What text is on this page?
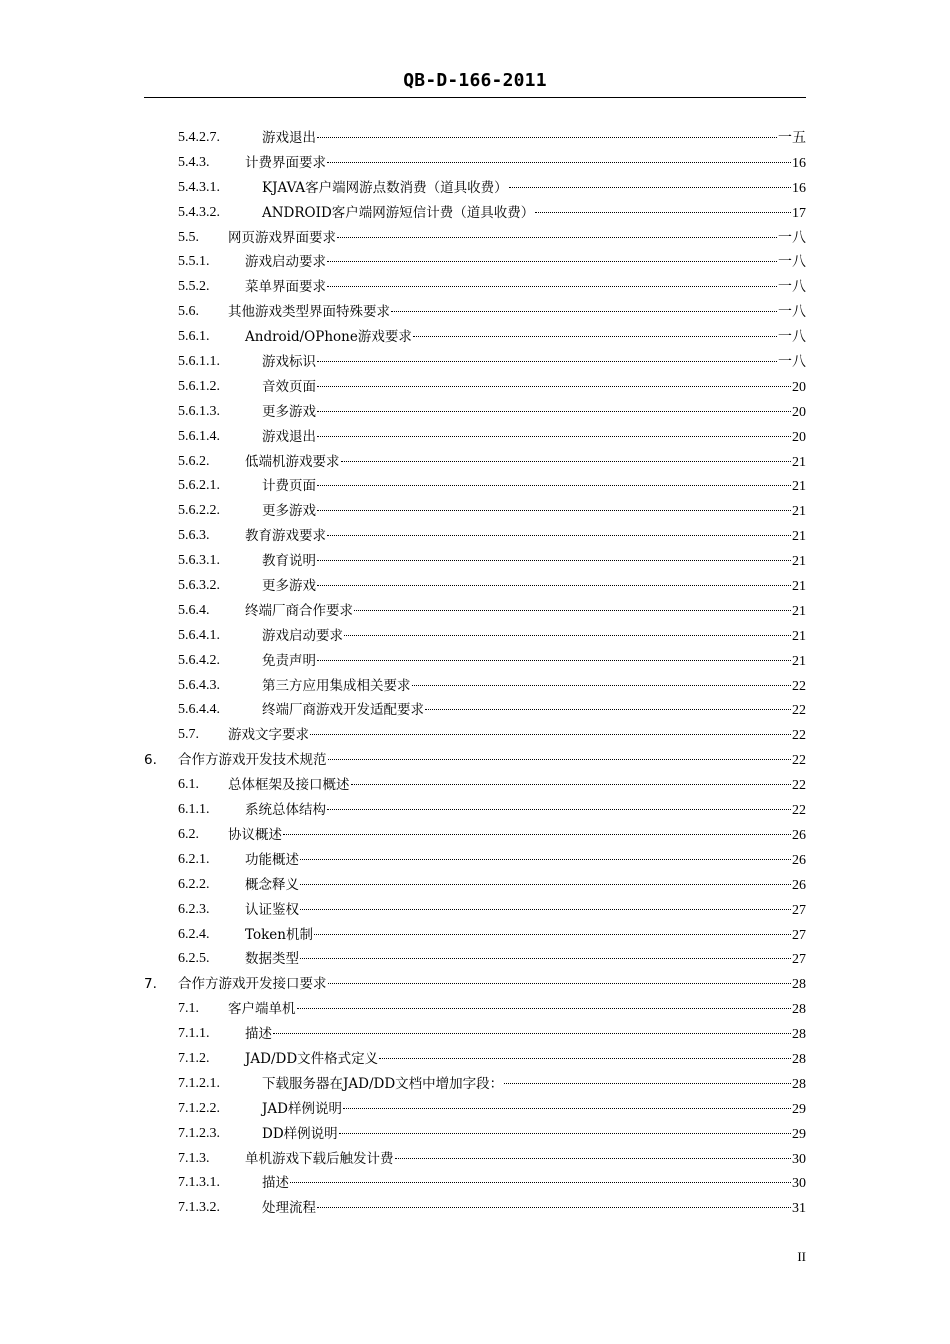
QB-D-166-2011
5.4.2.7.	游戏退出	一五
5.4.3.	计费界面要求	16
5.4.3.1.	KJAVA客户端网游点数消费（道具收费）	16
5.4.3.2.	ANDROID客户端网游短信计费（道具收费）	17
5.5. 网页游戏界面要求	一八
5.5.1.	游戏启动要求	一八
5.5.2.	菜单界面要求	一八
5.6. 其他游戏类型界面特殊要求	一八
5.6.1.	Android/OPhone游戏要求	一八
5.6.1.1.	游戏标识	一八
5.6.1.2.	音效页面	20
5.6.1.3.	更多游戏	20
5.6.1.4.	游戏退出	20
5.6.2.	低端机游戏要求	21
5.6.2.1.	计费页面	21
5.6.2.2.	更多游戏	21
5.6.3.	教育游戏要求	21
5.6.3.1.	教育说明	21
5.6.3.2.	更多游戏	21
5.6.4.	终端厂商合作要求	21
5.6.4.1.	游戏启动要求	21
5.6.4.2.	免责声明	21
5.6.4.3.	第三方应用集成相关要求	22
5.6.4.4.	终端厂商游戏开发适配要求	22
5.7. 游戏文字要求	22
6. 合作方游戏开发技术规范	22
6.1. 总体框架及接口概述	22
6.1.1.	系统总体结构	22
6.2. 协议概述	26
6.2.1.	功能概述	26
6.2.2.	概念释义	26
6.2.3.	认证鉴权	27
6.2.4.	Token机制	27
6.2.5.	数据类型	27
7. 合作方游戏开发接口要求	28
7.1. 客户端单机	28
7.1.1.	描述	28
7.1.2.	JAD/DD文件格式定义	28
7.1.2.1.	下载服务器在JAD/DD文档中增加字段：	28
7.1.2.2.	JAD样例说明	29
7.1.2.3.	DD样例说明	29
7.1.3.	单机游戏下载后触发计费	30
7.1.3.1.	描述	30
7.1.3.2.	处理流程	31
II
